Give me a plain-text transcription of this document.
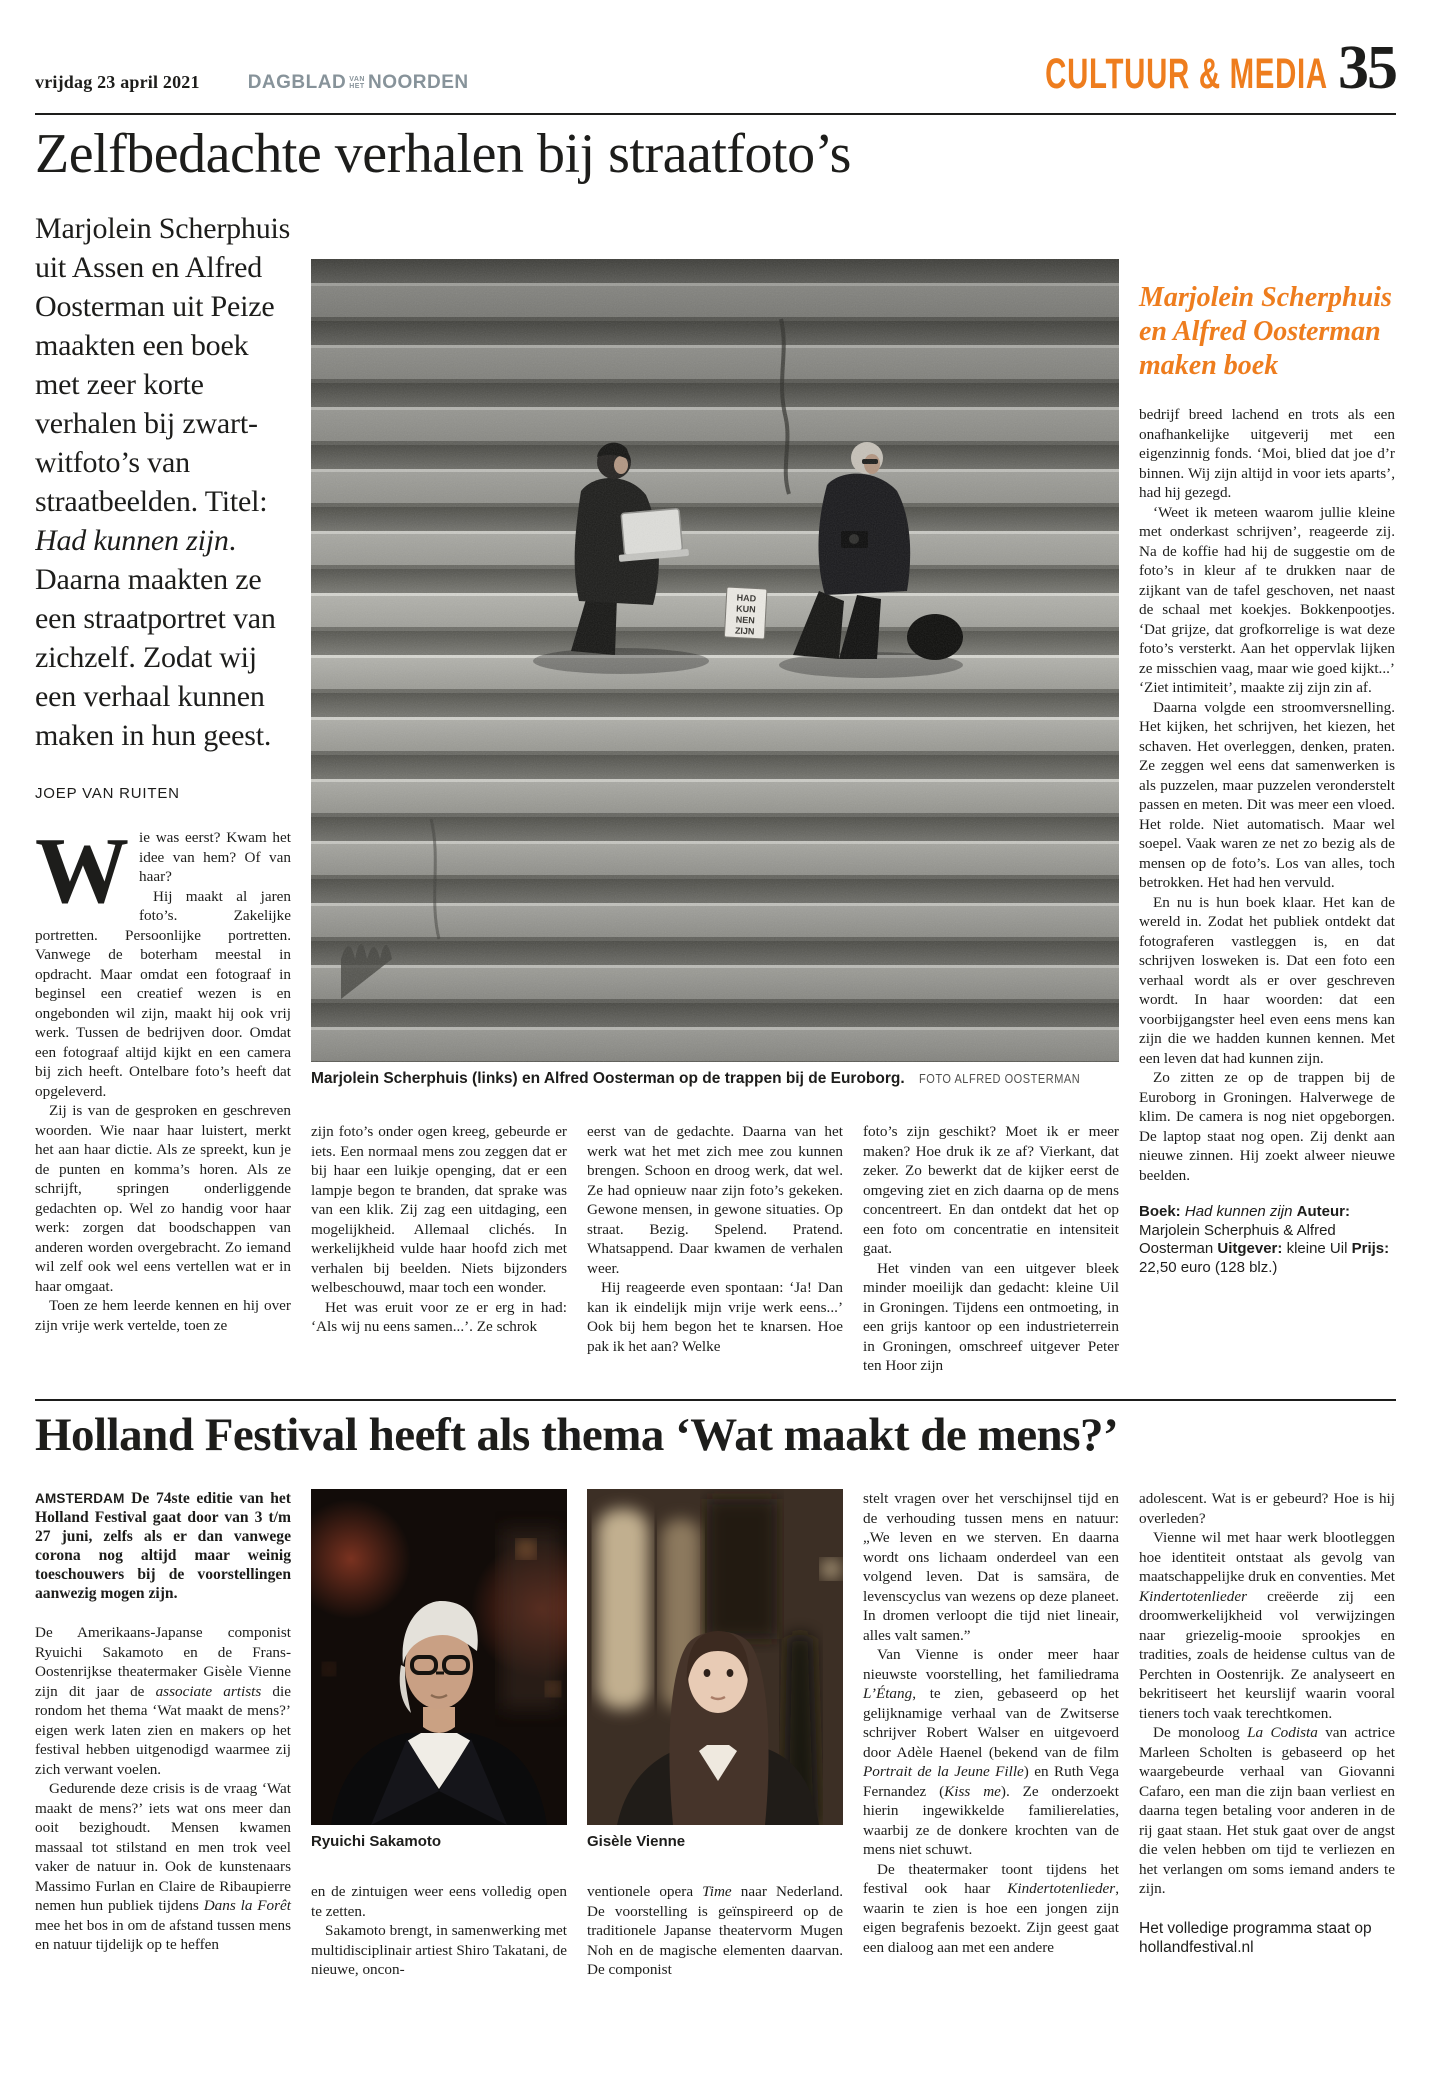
vrijdag 23 april 2021	DAGBLAD VAN
HET NOORDEN	CULTUUR & MEDIA 35
Zelfbedachte verhalen bij straatfoto’s
Marjolein Scherphuis uit Assen en Alfred Oosterman uit Peize maakten een boek met zeer korte verhalen bij zwart-witfoto’s van straatbeelden. Titel: Had kunnen zijn. Daarna maakten ze een straatportret van zichzelf. Zodat wij een verhaal kunnen maken in hun geest.
JOEP VAN RUITEN

Wie was eerst? Kwam het idee van hem? Of van haar?

Hij maakt al jaren foto’s. Zakelijke portretten. Persoonlijke portretten. Vanwege de boterham meestal in opdracht. Maar omdat een fotograaf in beginsel een creatief wezen is en ongebonden wil zijn, maakt hij ook vrij werk. Tussen de bedrijven door. Omdat een fotograaf altijd kijkt en een camera bij zich heeft. Ontelbare foto’s heeft dat opgeleverd.

Zij is van de gesproken en geschreven woorden. Wie naar haar luistert, merkt het aan haar dictie. Als ze spreekt, kun je de punten en komma’s horen. Als ze schrijft, springen onderliggende gedachten op. Wel zo handig voor haar werk: zorgen dat boodschappen van anderen worden overgebracht. Zo iemand wil zelf ook wel eens vertellen wat er in haar omgaat.

Toen ze hem leerde kennen en hij over zijn vrije werk vertelde, toen ze

HAD
KUN
NEN
ZIJN
Marjolein Scherphuis (links) en Alfred Oosterman op de trappen bij de Euroborg. FOTO ALFRED OOSTERMAN

zijn foto’s onder ogen kreeg, gebeurde er iets. Een normaal mens zou zeggen dat er bij haar een luikje openging, dat er een lampje begon te branden, dat sprake was van een klik. Zij zag een uitdaging, een mogelijkheid. Allemaal clichés. In werkelijkheid vulde haar hoofd zich met verhalen bij beelden. Niets bijzonders welbeschouwd, maar toch een wonder.

Het was eruit voor ze er erg in had: ‘Als wij nu eens samen...’. Ze schrok

eerst van de gedachte. Daarna van het werk wat het met zich mee zou kunnen brengen. Schoon en droog werk, dat wel. Ze had opnieuw naar zijn foto’s gekeken. Gewone mensen, in gewone situaties. Op straat. Bezig. Spelend. Pratend. Whatsappend. Daar kwamen de verhalen weer.

Hij reageerde even spontaan: ‘Ja! Dan kan ik eindelijk mijn vrije werk eens...’ Ook bij hem begon het te knarsen. Hoe pak ik het aan? Welke

foto’s zijn geschikt? Moet ik er meer maken? Hoe druk ik ze af? Vierkant, dat zeker. Zo bewerkt dat de kijker eerst de omgeving ziet en zich daarna op de mens concentreert. En dan ontdekt dat het op een foto om concentratie en intensiteit gaat.

Het vinden van een uitgever bleek minder moeilijk dan gedacht: kleine Uil in Groningen. Tijdens een ontmoeting, in een grijs kantoor op een industrieterrein in Groningen, omschreef uitgever Peter ten Hoor zijn

Marjolein Scherphuis en Alfred Oosterman maken boek

bedrijf breed lachend en trots als een onafhankelijke uitgeverij met een eigenzinnig fonds. ‘Moi, blied dat joe d’r binnen. Wij zijn altijd in voor iets aparts’, had hij gezegd.

‘Weet ik meteen waarom jullie kleine met onderkast schrijven’, reageerde zij. Na de koffie had hij de suggestie om de foto’s in kleur af te drukken naar de zijkant van de tafel geschoven, net naast de schaal met koekjes. Bokkenpootjes. ‘Dat grijze, dat grofkorrelige is wat deze foto’s versterkt. Aan het oppervlak lijken ze misschien vaag, maar wie goed kijkt...’ ‘Ziet intimiteit’, maakte zij zijn zin af.

Daarna volgde een stroomversnelling. Het kijken, het schrijven, het kiezen, het schaven. Het overleggen, denken, praten. Ze zeggen wel eens dat samenwerken is als puzzelen, maar puzzelen veronderstelt passen en meten. Dit was meer een vloed. Het rolde. Niet automatisch. Maar wel soepel. Vaak waren ze net zo bezig als de mensen op de foto’s. Los van alles, toch betrokken. Het had hen vervuld.

En nu is hun boek klaar. Het kan de wereld in. Zodat het publiek ontdekt dat fotograferen vastleggen is, en dat schrijven losweken is. Dat een foto een verhaal wordt als er over geschreven wordt. In haar woorden: dat een voorbijgangster heel even eens mens kan zijn die we hadden kunnen kennen. Met een leven dat had kunnen zijn.

Zo zitten ze op de trappen bij de Euroborg in Groningen. Halverwege de klim. De camera is nog niet opgeborgen. De laptop staat nog open. Zij denkt aan nieuwe zinnen. Hij zoekt alweer nieuwe beelden.

Boek: Had kunnen zijn Auteur: Marjolein Scherphuis & Alfred Oosterman Uitgever: kleine Uil Prijs: 22,50 euro (128 blz.)
Holland Festival heeft als thema ‘Wat maakt de mens?’

AMSTERDAM De 74ste editie van het Holland Festival gaat door van 3 t/m 27 juni, zelfs als er dan vanwege corona nog altijd maar weinig toeschouwers bij de voorstellingen aanwezig mogen zijn.

De Amerikaans-Japanse componist Ryuichi Sakamoto en de Frans-Oostenrijkse theatermaker Gisèle Vienne zijn dit jaar de associate artists die rondom het thema ‘Wat maakt de mens?’ eigen werk laten zien en makers op het festival hebben uitgenodigd waarmee zij zich verwant voelen.

Gedurende deze crisis is de vraag ‘Wat maakt de mens?’ iets wat ons meer dan ooit bezighoudt. Mensen kwamen massaal tot stilstand en men trok veel vaker de natuur in. Ook de kunstenaars Massimo Furlan en Claire de Ribaupierre nemen hun publiek tijdens Dans la Forêt mee het bos in om de afstand tussen mens en natuur tijdelijk op te heffen

Ryuichi Sakamoto

en de zintuigen weer eens volledig open te zetten.

Sakamoto brengt, in samenwerking met multidisciplinair artiest Shiro Takatani, de nieuwe, oncon-

Gisèle Vienne

ventionele opera Time naar Nederland. De voorstelling is geïnspireerd op de traditionele Japanse theatervorm Mugen Noh en de magische elementen daarvan. De componist

stelt vragen over het verschijnsel tijd en de verhouding tussen mens en natuur: „We leven en we sterven. En daarna wordt ons lichaam onderdeel van een volgend leven. Dat is samsära, de levenscyclus van wezens op deze planeet. In dromen verloopt die tijd niet lineair, alles valt samen.”

Van Vienne is onder meer haar nieuwste voorstelling, het familiedrama L’Étang, te zien, gebaseerd op het gelijknamige verhaal van de Zwitserse schrijver Robert Walser en uitgevoerd door Adèle Haenel (bekend van de film Portrait de la Jeune Fille) en Ruth Vega Fernandez (Kiss me). Ze onderzoekt hierin ingewikkelde familierelaties, waarbij ze de donkere krochten van de mens niet schuwt.

De theatermaker toont tijdens het festival ook haar Kindertotenlieder, waarin te zien is hoe een jongen zijn eigen begrafenis bezoekt. Zijn geest gaat een dialoog aan met een andere

adolescent. Wat is er gebeurd? Hoe is hij overleden?

Vienne wil met haar werk blootleggen hoe identiteit ontstaat als gevolg van maatschappelijke druk en conventies. Met Kindertotenlieder creëerde zij een droomwerkelijkheid vol verwijzingen naar griezelig-mooie sprookjes en tradities, zoals de heidense cultus van de Perchten in Oostenrijk. Ze analyseert en bekritiseert het keurslijf waarin vooral tieners toch vaak terechtkomen.

De monoloog La Codista van actrice Marleen Scholten is gebaseerd op het waargebeurde verhaal van Giovanni Cafaro, een man die zijn baan verliest en daarna tegen betaling voor anderen in de rij gaat staan. Het stuk gaat over de angst die velen hebben om tijd te verliezen en het verlangen om soms iemand anders te zijn.

Het volledige programma staat op hollandfestival.nl
